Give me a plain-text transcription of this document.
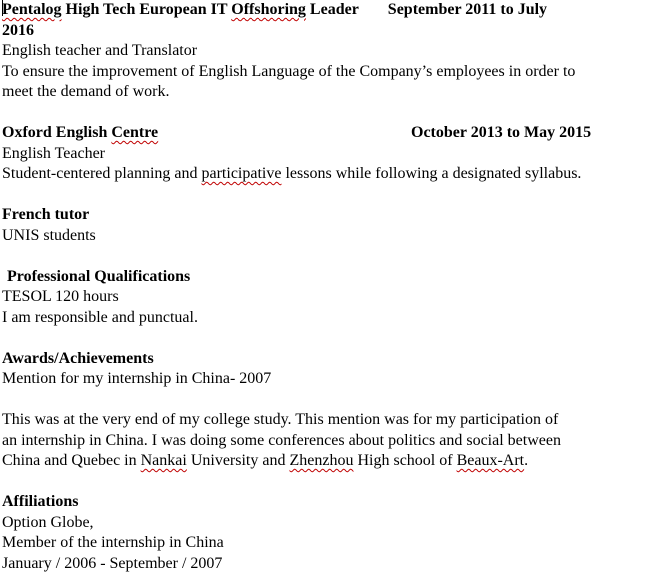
Pentalog High Tech European IT Offshoring Leader September 2011 to July
2016
English teacher and Translator
To ensure the improvement of English Language of the Company’s employees in order to
meet the demand of work.
Oxford English Centre	October 2013 to May 2015
English Teacher
Student-centered planning and participative lessons while following a designated syllabus.
French tutor
UNIS students
Professional Qualifications
TESOL 120 hours
I am responsible and punctual.
Awards/Achievements
Mention for my internship in China- 2007
This was at the very end of my college study. This mention was for my participation of
an internship in China. I was doing some conferences about politics and social between
China and Quebec in Nankai University and Zhenzhou High school of Beaux-Art.
Affiliations
Option Globe,
Member of the internship in China
January / 2006 - September / 2007
